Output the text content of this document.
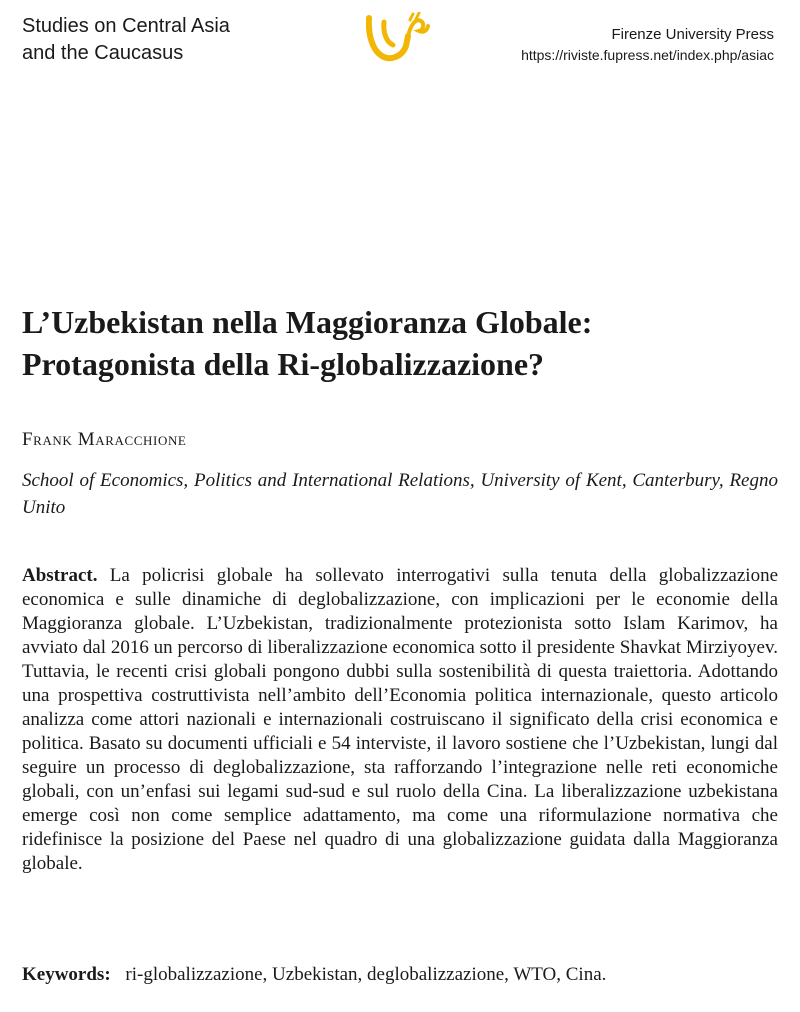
Studies on Central Asia
and the Caucasus
Firenze University Press
https://riviste.fupress.net/index.php/asiac
L’Uzbekistan nella Maggioranza Globale:
Protagonista della Ri-globalizzazione?
Frank Maracchione
School of Economics, Politics and International Relations, University of Kent, Canterbury, Regno Unito
Abstract. La policrisi globale ha sollevato interrogativi sulla tenuta della globalizzazione economica e sulle dinamiche di deglobalizzazione, con implicazioni per le economie della Maggioranza globale. L’Uzbekistan, tradizionalmente protezionista sotto Islam Karimov, ha avviato dal 2016 un percorso di liberalizzazione economica sotto il presidente Shavkat Mirziyoyev. Tuttavia, le recenti crisi globali pongono dubbi sulla sostenibilità di questa traiettoria. Adottando una prospettiva costruttivista nell’ambito dell’Economia politica internazionale, questo articolo analizza come attori nazionali e internazionali costruiscano il significato della crisi economica e politica. Basato su documenti ufficiali e 54 interviste, il lavoro sostiene che l’Uzbekistan, lungi dal seguire un processo di deglobalizzazione, sta rafforzando l’integrazione nelle reti economiche globali, con un’enfasi sui legami sud-sud e sul ruolo della Cina. La liberalizzazione uzbekistana emerge così non come semplice adattamento, ma come una riformulazione normativa che ridefinisce la posizione del Paese nel quadro di una globalizzazione guidata dalla Maggioranza globale.
Keywords: ri-globalizzazione, Uzbekistan, deglobalizzazione, WTO, Cina.
